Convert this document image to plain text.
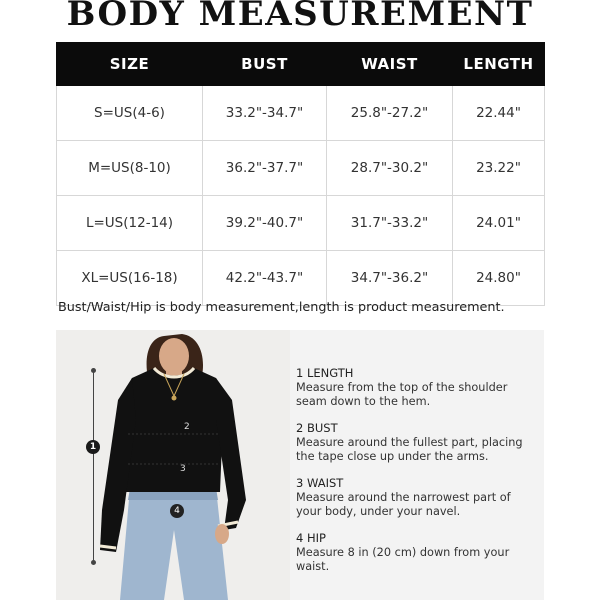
BODY MEASUREMENT
SIZE	BUST	WAIST	LENGTH
S=US(4-6)	33.2"-34.7"	25.8"-27.2"	22.44"
M=US(8-10)	36.2"-37.7"	28.7"-30.2"	23.22"
L=US(12-14)	39.2"-40.7"	31.7"-33.2"	24.01"
XL=US(16-18)	42.2"-43.7"	34.7"-36.2"	24.80"
Bust/Waist/Hip is body measurement,length is product measurement.
1
2
3
4
1 LENGTH
Measure from the top of the shoulder
seam down to the hem.
2 BUST
Measure around the fullest part, placing
the tape close up under the arms.
3 WAIST
Measure around the narrowest part of
your body, under your navel.
4 HIP
Measure 8 in (20 cm) down from your waist.
